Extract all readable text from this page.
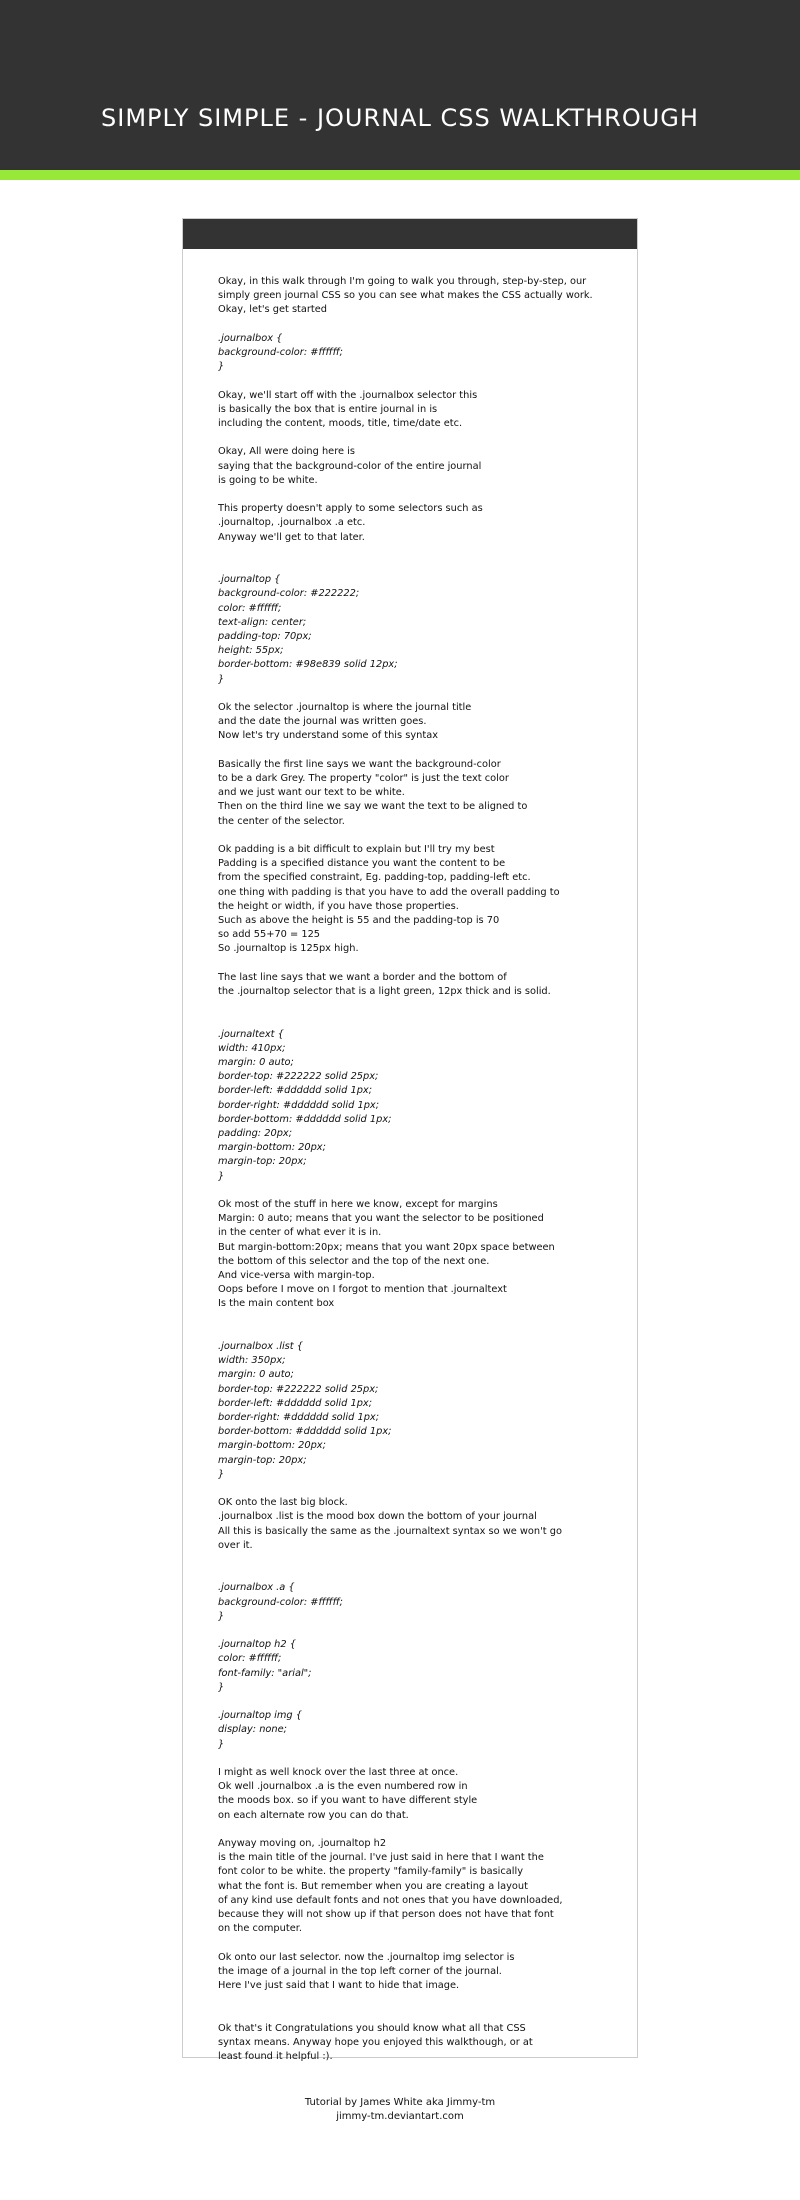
SIMPLY SIMPLE - JOURNAL CSS WALKTHROUGH

Okay, in this walk through I'm going to walk you through, step-by-step, our
simply green journal CSS so you can see what makes the CSS actually work.
Okay, let's get started

.journalbox {
background-color: #ffffff;
}

Okay, we'll start off with the .journalbox selector this
is basically the box that is entire journal in is
including the content, moods, title, time/date etc.

Okay, All were doing here is
saying that the background-color of the entire journal
is going to be white.

This property doesn't apply to some selectors such as
.journaltop, .journalbox .a etc.
Anyway we'll get to that later.

.journaltop {
background-color: #222222;
color: #ffffff;
text-align: center;
padding-top: 70px;
height: 55px;
border-bottom: #98e839 solid 12px;
}

Ok the selector .journaltop is where the journal title
and the date the journal was written goes.
Now let's try understand some of this syntax

Basically the first line says we want the background-color
to be a dark Grey. The property "color" is just the text color
and we just want our text to be white.
Then on the third line we say we want the text to be aligned to
the center of the selector.

Ok padding is a bit difficult to explain but I'll try my best
Padding is a specified distance you want the content to be
from the specified constraint, Eg. padding-top, padding-left etc.
one thing with padding is that you have to add the overall padding to
the height or width, if you have those properties.
Such as above the height is 55 and the padding-top is 70
so add 55+70 = 125
So .journaltop is 125px high.

The last line says that we want a border and the bottom of
the .journaltop selector that is a light green, 12px thick and is solid.

.journaltext {
width: 410px;
margin: 0 auto;
border-top: #222222 solid 25px;
border-left: #dddddd solid 1px;
border-right: #dddddd solid 1px;
border-bottom: #dddddd solid 1px;
padding: 20px;
margin-bottom: 20px;
margin-top: 20px;
}

Ok most of the stuff in here we know, except for margins
Margin: 0 auto; means that you want the selector to be positioned
in the center of what ever it is in.
But margin-bottom:20px; means that you want 20px space between
the bottom of this selector and the top of the next one.
And vice-versa with margin-top.
Oops before I move on I forgot to mention that .journaltext
Is the main content box

.journalbox .list {
width: 350px;
margin: 0 auto;
border-top: #222222 solid 25px;
border-left: #dddddd solid 1px;
border-right: #dddddd solid 1px;
border-bottom: #dddddd solid 1px;
margin-bottom: 20px;
margin-top: 20px;
}

OK onto the last big block.
.journalbox .list is the mood box down the bottom of your journal
All this is basically the same as the .journaltext syntax so we won't go
over it.

.journalbox .a {
background-color: #ffffff;
}

.journaltop h2 {
color: #ffffff;
font-family: "arial";
}

.journaltop img {
display: none;
}

I might as well knock over the last three at once.
Ok well .journalbox .a is the even numbered row in
the moods box. so if you want to have different style
on each alternate row you can do that.

Anyway moving on, .journaltop h2
is the main title of the journal. I've just said in here that I want the
font color to be white. the property "family-family" is basically
what the font is. But remember when you are creating a layout
of any kind use default fonts and not ones that you have downloaded,
because they will not show up if that person does not have that font
on the computer.

Ok onto our last selector. now the .journaltop img selector is
the image of a journal in the top left corner of the journal.
Here I've just said that I want to hide that image.

Ok that's it Congratulations you should know what all that CSS
syntax means. Anyway hope you enjoyed this walkthough, or at
least found it helpful :).

Tutorial by James White aka Jimmy-tm
jimmy-tm.deviantart.com
